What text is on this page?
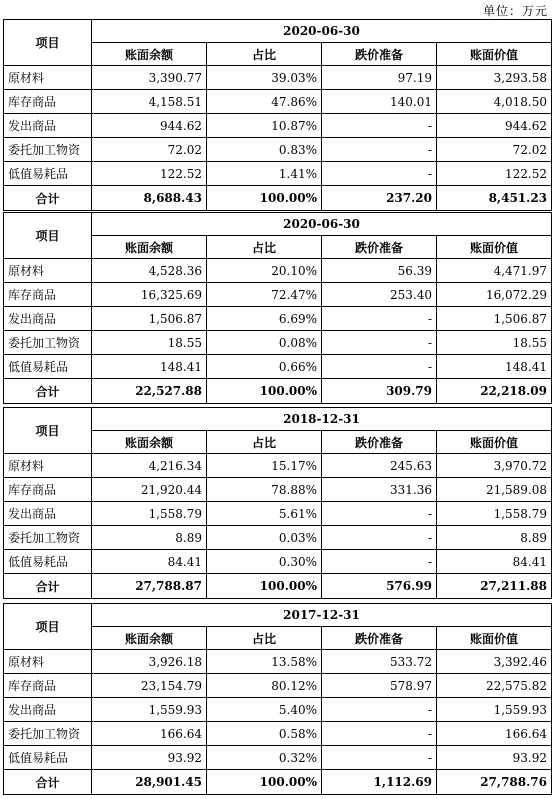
单位：万元
项目	2020-06-30			
	账面余额	占比	跌价准备	账面价值
原材料	3,390.77	39.03%	97.19	3,293.58
库存商品	4,158.51	47.86%	140.01	4,018.50
发出商品	944.62	10.87%	-	944.62
委托加工物资	72.02	0.83%	-	72.02
低值易耗品	122.52	1.41%	-	122.52
合计	8,688.43	100.00%	237.20	8,451.23
项目	2020-06-30			
	账面余额	占比	跌价准备	账面价值
原材料	4,528.36	20.10%	56.39	4,471.97
库存商品	16,325.69	72.47%	253.40	16,072.29
发出商品	1,506.87	6.69%	-	1,506.87
委托加工物资	18.55	0.08%	-	18.55
低值易耗品	148.41	0.66%	-	148.41
合计	22,527.88	100.00%	309.79	22,218.09
项目	2018-12-31			
	账面余额	占比	跌价准备	账面价值
原材料	4,216.34	15.17%	245.63	3,970.72
库存商品	21,920.44	78.88%	331.36	21,589.08
发出商品	1,558.79	5.61%	-	1,558.79
委托加工物资	8.89	0.03%	-	8.89
低值易耗品	84.41	0.30%	-	84.41
合计	27,788.87	100.00%	576.99	27,211.88
项目	2017-12-31			
	账面余额	占比	跌价准备	账面价值
原材料	3,926.18	13.58%	533.72	3,392.46
库存商品	23,154.79	80.12%	578.97	22,575.82
发出商品	1,559.93	5.40%	-	1,559.93
委托加工物资	166.64	0.58%	-	166.64
低值易耗品	93.92	0.32%	-	93.92
合计	28,901.45	100.00%	1,112.69	27,788.76
